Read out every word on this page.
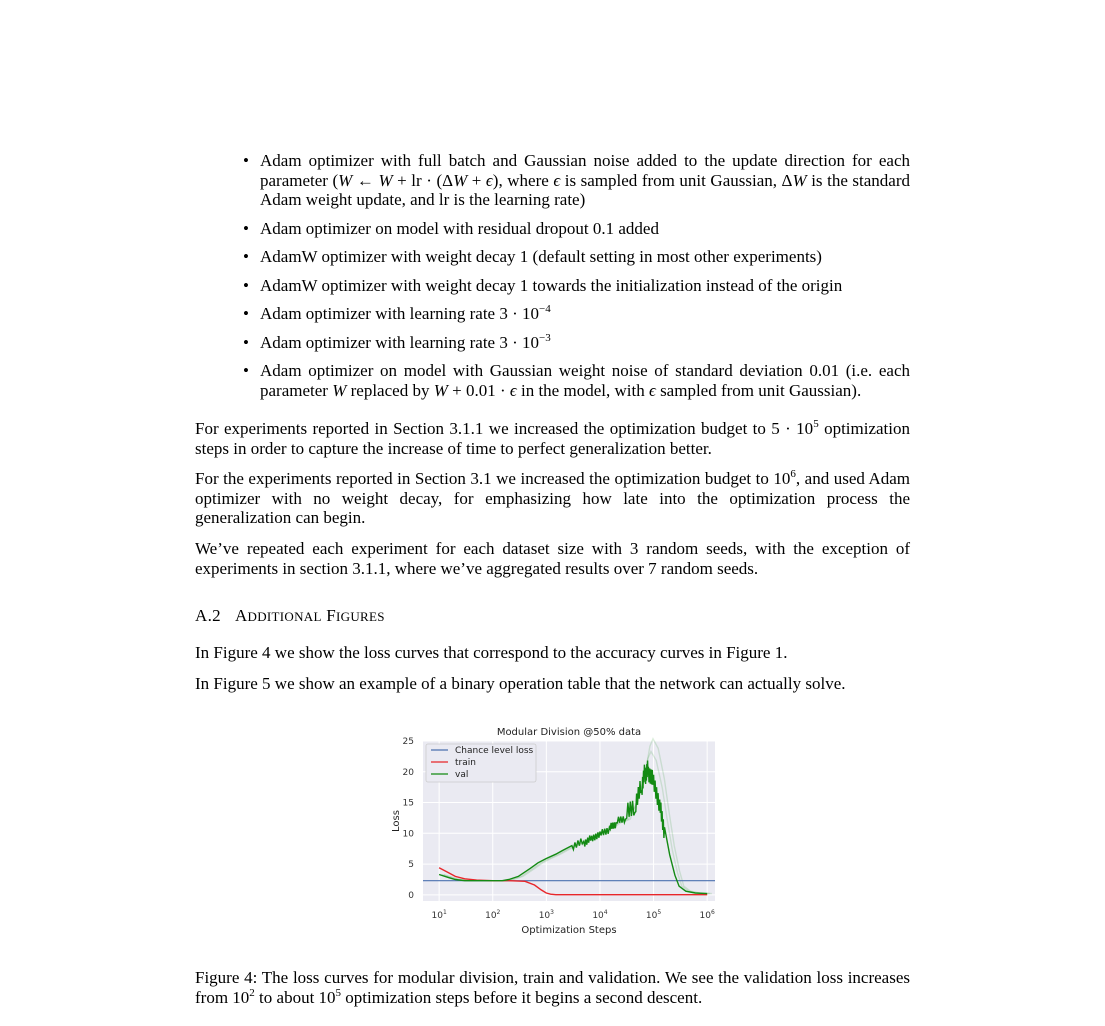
• Adam optimizer with full batch and Gaussian noise added to the update direction for each parameter (W ← W + lr · (ΔW + ϵ), where ϵ is sampled from unit Gaussian, ΔW is the standard Adam weight update, and lr is the learning rate)
• Adam optimizer on model with residual dropout 0.1 added
• AdamW optimizer with weight decay 1 (default setting in most other experiments)
• AdamW optimizer with weight decay 1 towards the initialization instead of the origin
• Adam optimizer with learning rate $3 \cdot 10^{-4}$
• Adam optimizer with learning rate $3 \cdot 10^{-3}$
• Adam optimizer on model with Gaussian weight noise of standard deviation 0.01 (i.e. each parameter W replaced by W + 0.01 · ϵ in the model, with ϵ sampled from unit Gaussian).

For experiments reported in Section 3.1.1 we increased the optimization budget to $5 \cdot 10^5$ optimization steps in order to capture the increase of time to perfect generalization better.

For the experiments reported in Section 3.1 we increased the optimization budget to $10^6$, and used Adam optimizer with no weight decay, for emphasizing how late into the optimization process the generalization can begin.

We’ve repeated each experiment for each dataset size with 3 random seeds, with the exception of experiments in section 3.1.1, where we’ve aggregated results over 7 random seeds.

A.2 ADDITIONAL FIGURES

In Figure 4 we show the loss curves that correspond to the accuracy curves in Figure 1.

In Figure 5 we show an example of a binary operation table that the network can actually solve.

0
5
10
15
20
25
$10^1$	$10^2$	$10^3$	$10^4$	$10^5$	$10^6$
Modular Division @50% data
Optimization Steps
Loss
Chance level loss
train
val
Figure 4: The loss curves for modular division, train and validation. We see the validation loss increases from $10^2$ to about $10^5$ optimization steps before it begins a second descent.
